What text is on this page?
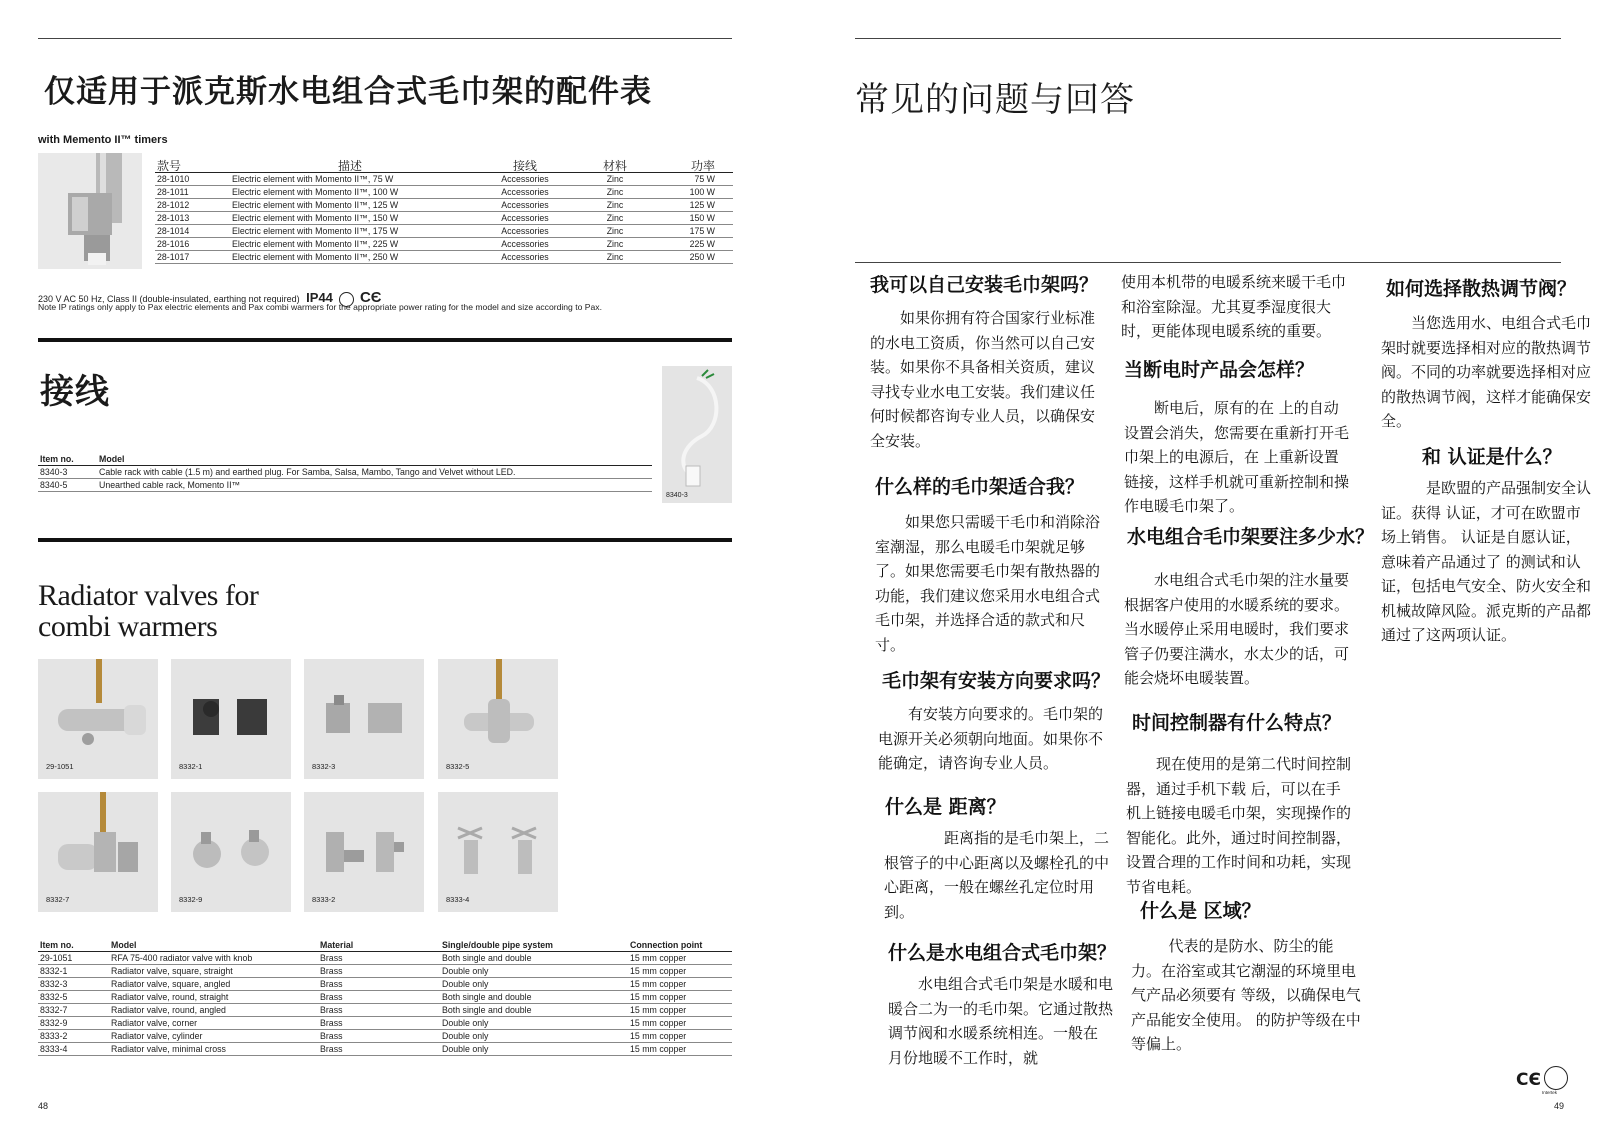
仅适用于派克斯水电组合式毛巾架的配件表
with Memento II™ timers
款号	描述	接线	材料	功率
28-1010	Electric element with Momento II™, 75 W	Accessories	Zinc	75 W
28-1011	Electric element with Momento II™, 100 W	Accessories	Zinc	100 W
28-1012	Electric element with Momento II™, 125 W	Accessories	Zinc	125 W
28-1013	Electric element with Momento II™, 150 W	Accessories	Zinc	150 W
28-1014	Electric element with Momento II™, 175 W	Accessories	Zinc	175 W
28-1016	Electric element with Momento II™, 225 W	Accessories	Zinc	225 W
28-1017	Electric element with Momento II™, 250 W	Accessories	Zinc	250 W
230 V AC 50 Hz, Class II (double-insulated, earthing not required) IP44 CЄ
Note IP ratings only apply to Pax electric elements and Pax combi warmers for the appropriate power rating for the model and size according to Pax.
接线
Item no.	Model
8340-3	Cable rack with cable (1.5 m) and earthed plug. For Samba, Salsa, Mambo, Tango and Velvet without LED.
8340-5	Unearthed cable rack, Momento II™
8340-3
Radiator valves for
combi warmers
29-1051	8332-1	8332-3	8332-5
8332-7	8332-9	8333-2	8333-4
Item no.	Model	Material	Single/double pipe system	Connection point
29-1051	RFA 75-400 radiator valve with knob	Brass	Both single and double	15 mm copper
8332-1	Radiator valve, square, straight	Brass	Double only	15 mm copper
8332-3	Radiator valve, square, angled	Brass	Double only	15 mm copper
8332-5	Radiator valve, round, straight	Brass	Both single and double	15 mm copper
8332-7	Radiator valve, round, angled	Brass	Both single and double	15 mm copper
8332-9	Radiator valve, corner	Brass	Double only	15 mm copper
8333-2	Radiator valve, cylinder	Brass	Double only	15 mm copper
8333-4	Radiator valve, minimal cross	Brass	Double only	15 mm copper
48
常见的问题与回答
我可以自己安装毛巾架吗？

如果你拥有符合国家行业标准的水电工资质，你当然可以自己安装。如果你不具备相关资质，建议寻找专业水电工安装。我们建议任何时候都咨询专业人员，以确保安全安装。

什么样的毛巾架适合我？

如果您只需暖干毛巾和消除浴室潮湿，那么电暖毛巾架就足够了。如果您需要毛巾架有散热器的功能，我们建议您采用水电组合式毛巾架，并选择合适的款式和尺寸。

毛巾架有安装方向要求吗？

有安装方向要求的。毛巾架的电源开关必须朝向地面。如果你不能确定，请咨询专业人员。

什么是 距离？

距离指的是毛巾架上，二根管子的中心距离以及螺栓孔的中心距离，一般在螺丝孔定位时用到。

什么是水电组合式毛巾架？

水电组合式毛巾架是水暖和电暖合二为一的毛巾架。它通过散热调节阀和水暖系统相连。一般在 月份地暖不工作时，就

使用本机带的电暖系统来暖干毛巾和浴室除湿。尤其夏季湿度很大时，更能体现电暖系统的重要。

当断电时产品会怎样？

断电后，原有的在 上的自动设置会消失，您需要在重新打开毛巾架上的电源后，在 上重新设置链接，这样手机就可重新控制和操作电暖毛巾架了。

水电组合毛巾架要注多少水？

水电组合式毛巾架的注水量要根据客户使用的水暖系统的要求。当水暖停止采用电暖时，我们要求管子仍要注满水，水太少的话，可能会烧坏电暖装置。

时间控制器有什么特点？

现在使用的是第二代时间控制器，通过手机下载 后，可以在手机上链接电暖毛巾架，实现操作的智能化。此外，通过时间控制器，设置合理的工作时间和功耗，实现节省电耗。

什么是 区域？

代表的是防水、防尘的能力。在浴室或其它潮湿的环境里电气产品必须要有 等级，以确保电气产品能安全使用。 的防护等级在中等偏上。

如何选择散热调节阀？

当您选用水、电组合式毛巾架时就要选择相对应的散热调节阀。不同的功率就要选择相对应的散热调节阀，这样才能确保安全。

和 认证是什么？

是欧盟的产品强制安全认证。获得 认证，才可在欧盟市场上销售。 认证是自愿认证，意味着产品通过了 的测试和认证，包括电气安全、防火安全和机械故障风险。派克斯的产品都通过了这两项认证。

CЄ
Intertek
49
